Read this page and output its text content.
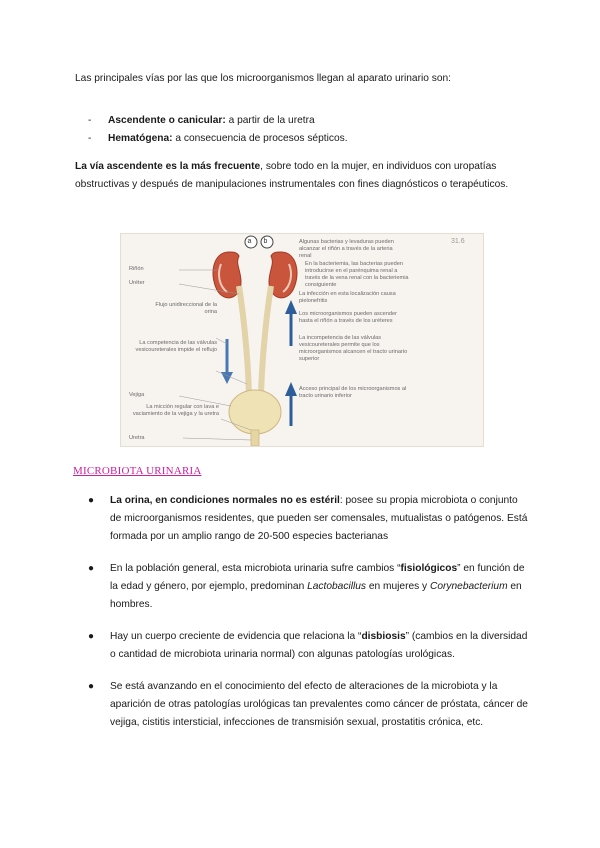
Las principales vías por las que los microorganismos llegan al aparato urinario son:
- Ascendente o canicular: a partir de la uretra
- Hematógena: a consecuencia de procesos sépticos.
La vía ascendente es la más frecuente, sobre todo en la mujer, en individuos con uropatías obstructivas y después de manipulaciones instrumentales con fines diagnósticos o terapéuticos.
a b	31.6
Riñón
Uréter
Flujo unidireccional de la orina
La competencia de las válvulas vesicoureterales impide el reflujo
Vejiga
La micción regular con lava e vaciamiento de la vejiga y la uretra
Uretra
Algunas bacterias y levaduras pueden alcanzar el riñón a través de la arteria renal
En la bacteriemia, las bacterias pueden introducirse en el parénquima renal a través de la vena renal con la bacteriemia consiguiente
La infección en esta localización causa pielonefritis
Los microorganismos pueden ascender hasta el riñón a través de los uréteres
La incompetencia de las válvulas vesicoureterales permite que los microorganismos alcancen el tracto urinario superior
Acceso principal de los microorganismos al tracto urinario inferior
MICROBIOTA URINARIA
● La orina, en condiciones normales no es estéril: posee su propia microbiota o conjunto de microorganismos residentes, que pueden ser comensales, mutualistas o patógenos. Está formada por un amplio rango de 20-500 especies bacterianas
● En la población general, esta microbiota urinaria sufre cambios “fisiológicos” en función de la edad y género, por ejemplo, predominan Lactobacillus en mujeres y Corynebacterium en hombres.
● Hay un cuerpo creciente de evidencia que relaciona la “disbiosis” (cambios en la diversidad o cantidad de microbiota urinaria normal) con algunas patologías urológicas.
● Se está avanzando en el conocimiento del efecto de alteraciones de la microbiota y la aparición de otras patologías urológicas tan prevalentes como cáncer de próstata, cáncer de vejiga, cistitis intersticial, infecciones de transmisión sexual, prostatitis crónica, etc.
